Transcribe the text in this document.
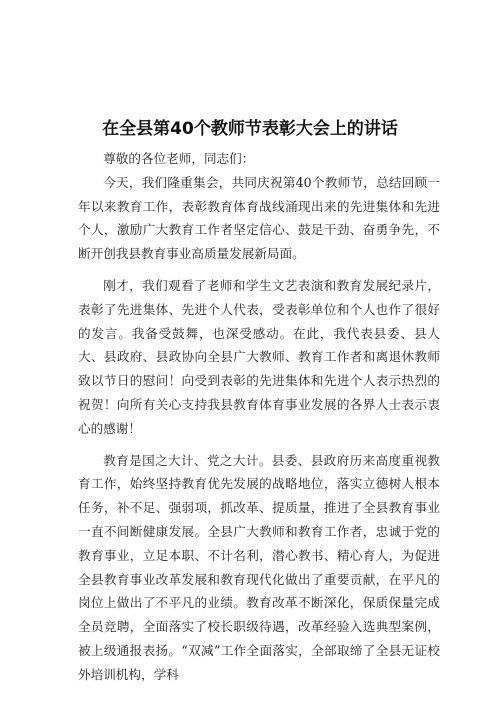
在全县第40个教师节表彰大会上的讲话

尊敬的各位老师，同志们：

今天，我们隆重集会，共同庆祝第40个教师节，总结回顾一年以来教育工作，表彰教育体育战线涌现出来的先进集体和先进个人，激励广大教育工作者坚定信心、鼓足干劲、奋勇争先，不断开创我县教育事业高质量发展新局面。

刚才，我们观看了老师和学生文艺表演和教育发展纪录片，表彰了先进集体、先进个人代表，受表彰单位和个人也作了很好的发言。我备受鼓舞，也深受感动。在此，我代表县委、县人大、县政府、县政协向全县广大教师、教育工作者和离退休教师致以节日的慰问！向受到表彰的先进集体和先进个人表示热烈的祝贺！向所有关心支持我县教育体育事业发展的各界人士表示衷心的感谢！

教育是国之大计、党之大计。县委、县政府历来高度重视教育工作，始终坚持教育优先发展的战略地位，落实立德树人根本任务，补不足、强弱项，抓改革、提质量，推进了全县教育事业一直不间断健康发展。全县广大教师和教育工作者，忠诚于党的教育事业，立足本职、不计名利，潜心教书、精心育人，为促进全县教育事业改革发展和教育现代化做出了重要贡献，在平凡的岗位上做出了不平凡的业绩。教育改革不断深化，保质保量完成全员竞聘，全面落实了校长职级待遇，改革经验入选典型案例，被上级通报表扬。“双减”工作全面落实，全部取缔了全县无证校外培训机构，学科
